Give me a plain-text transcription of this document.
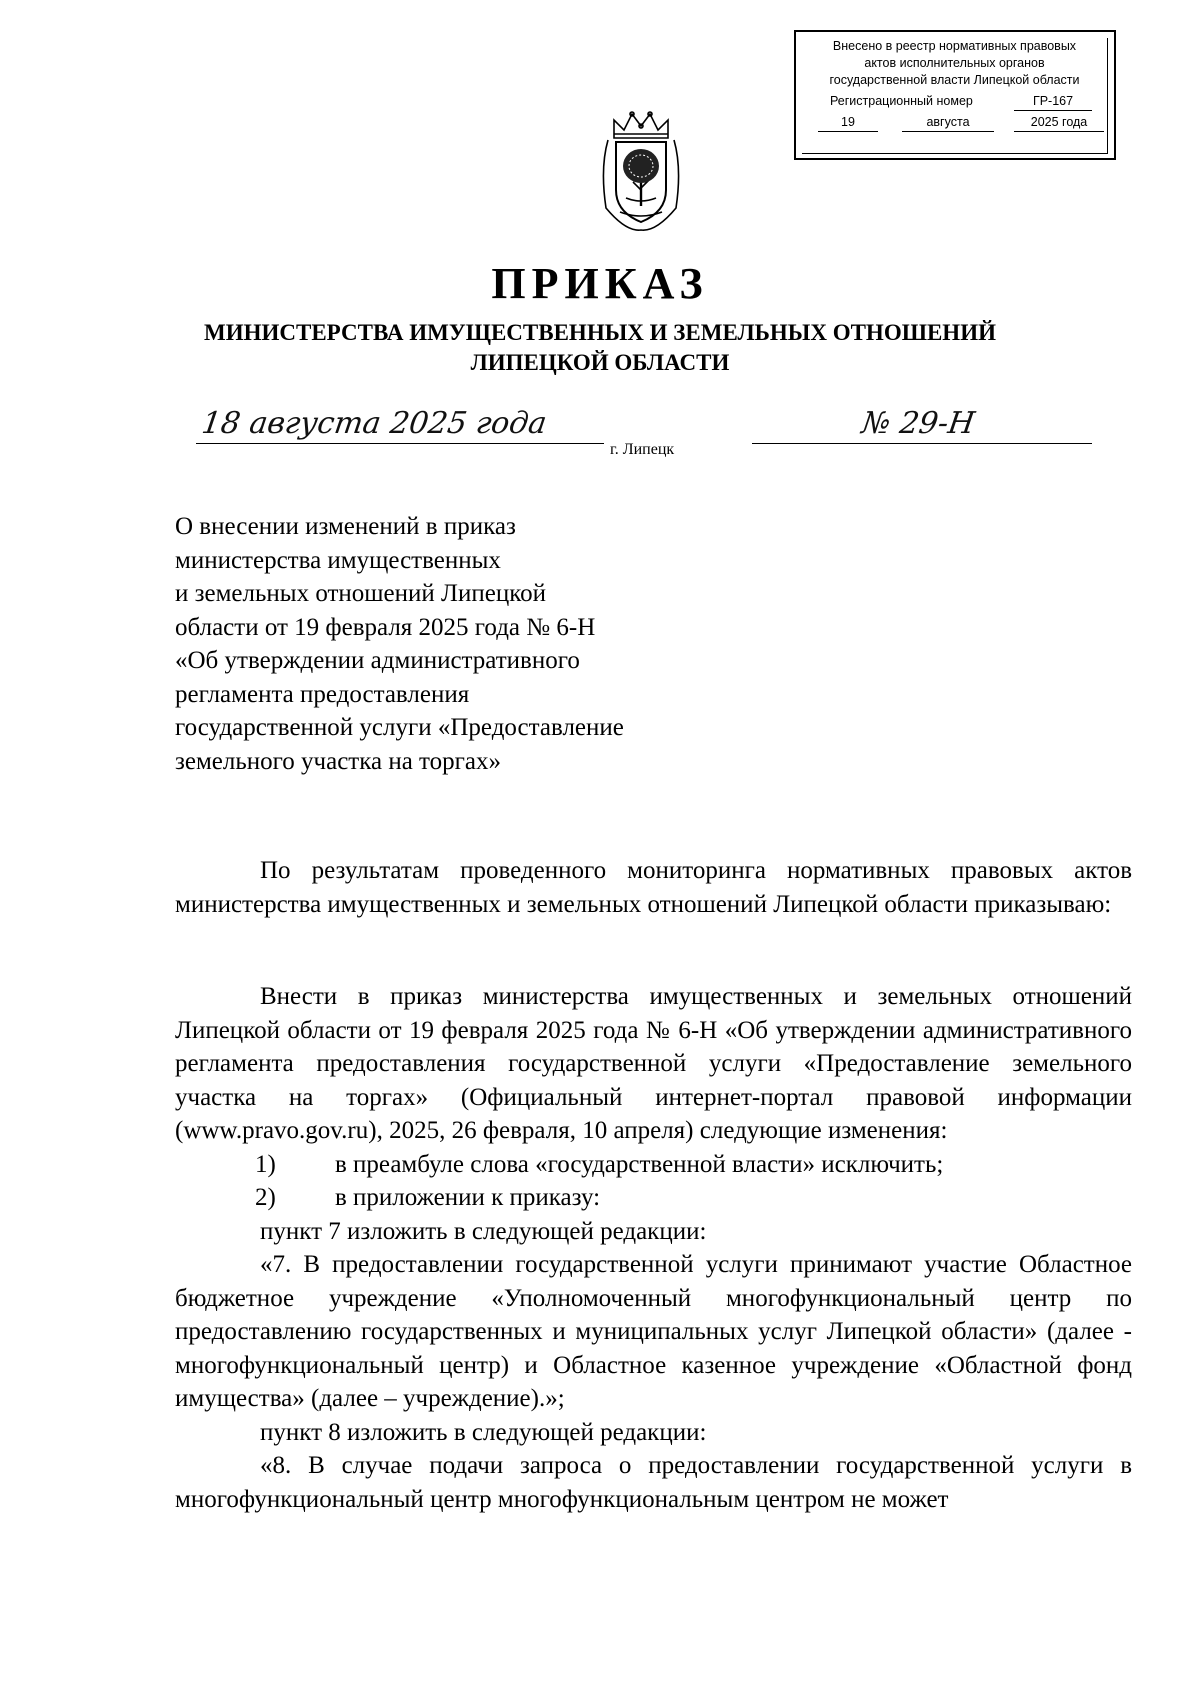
Внесено в реестр нормативных правовых
актов исполнительных органов
государственной власти Липецкой области
Регистрационный номер	ГР-167
19	августа	2025 года
ПРИКАЗ
МИНИСТЕРСТВА ИМУЩЕСТВЕННЫХ И ЗЕМЕЛЬНЫХ ОТНОШЕНИЙ
ЛИПЕЦКОЙ ОБЛАСТИ
18 августа 2025 года
г. Липецк
№ 29-Н
О внесении изменений в приказ
министерства имущественных
и земельных отношений Липецкой
области от 19 февраля 2025 года № 6-Н
«Об утверждении административного
регламента предоставления
государственной услуги «Предоставление
земельного участка на торгах»
По результатам проведенного мониторинга нормативных правовых актов министерства имущественных и земельных отношений Липецкой области приказываю:
Внести в приказ министерства имущественных и земельных отношений Липецкой области от 19 февраля 2025 года № 6-Н «Об утверждении административного регламента предоставления государственной услуги «Предоставление земельного участка на торгах» (Официальный интернет-портал правовой информации (www.pravo.gov.ru), 2025, 26 февраля, 10 апреля) следующие изменения:
1) в преамбуле слова «государственной власти» исключить;
2) в приложении к приказу:
пункт 7 изложить в следующей редакции:
«7. В предоставлении государственной услуги принимают участие Областное бюджетное учреждение «Уполномоченный многофункциональный центр по предоставлению государственных и муниципальных услуг Липецкой области» (далее - многофункциональный центр) и Областное казенное учреждение «Областной фонд имущества» (далее – учреждение).»;
пункт 8 изложить в следующей редакции:
«8. В случае подачи запроса о предоставлении государственной услуги в многофункциональный центр многофункциональным центром не может
